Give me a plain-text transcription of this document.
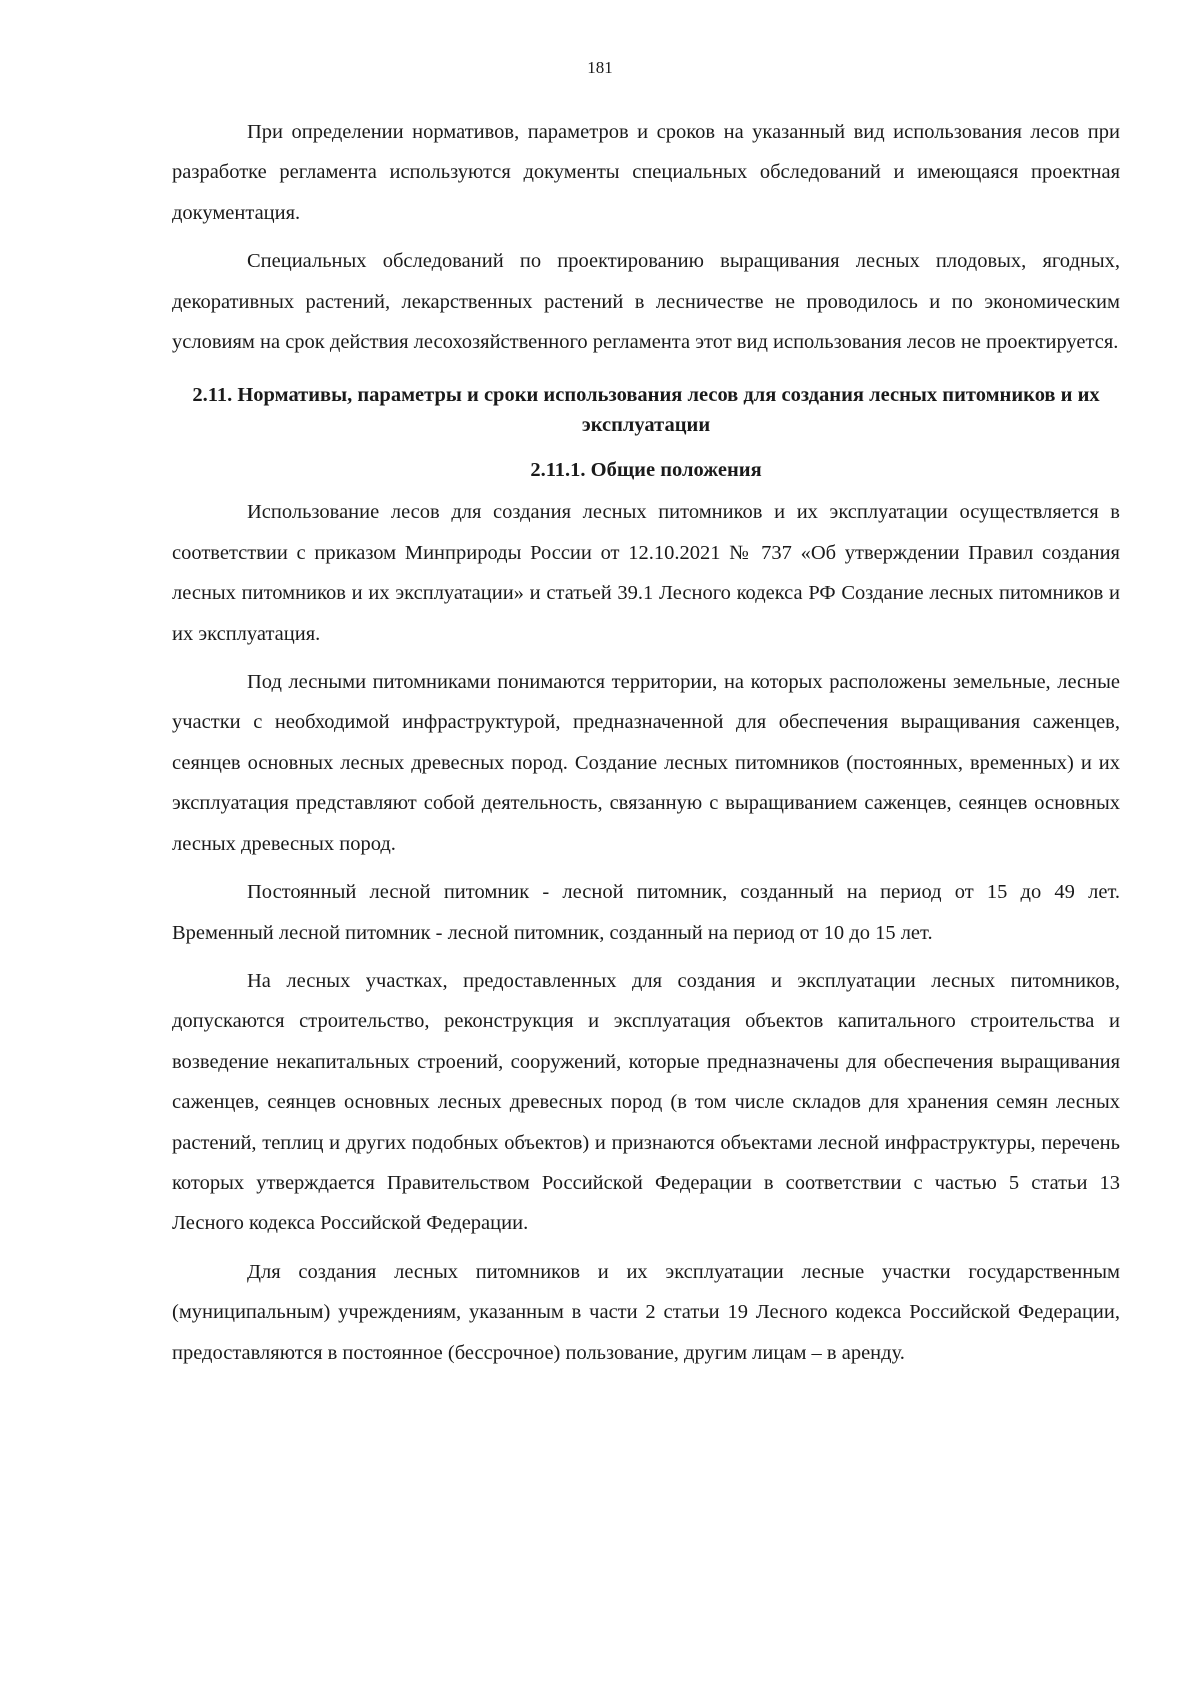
181

При определении нормативов, параметров и сроков на указанный вид использования лесов при разработке регламента используются документы специальных обследований и имеющаяся проектная документация.

Специальных обследований по проектированию выращивания лесных плодовых, ягодных, декоративных растений, лекарственных растений в лесничестве не проводилось и по экономическим условиям на срок действия лесохозяйственного регламента этот вид использования лесов не проектируется.

2.11. Нормативы, параметры и сроки использования лесов для создания лесных питомников и их эксплуатации
2.11.1. Общие положения

Использование лесов для создания лесных питомников и их эксплуатации осуществляется в соответствии с приказом Минприроды России от 12.10.2021 № 737 «Об утверждении Правил создания лесных питомников и их эксплуатации» и статьей 39.1 Лесного кодекса РФ Создание лесных питомников и их эксплуатация.

Под лесными питомниками понимаются территории, на которых расположены земельные, лесные участки с необходимой инфраструктурой, предназначенной для обеспечения выращивания саженцев, сеянцев основных лесных древесных пород. Создание лесных питомников (постоянных, временных) и их эксплуатация представляют собой деятельность, связанную с выращиванием саженцев, сеянцев основных лесных древесных пород.

Постоянный лесной питомник - лесной питомник, созданный на период от 15 до 49 лет. Временный лесной питомник - лесной питомник, созданный на период от 10 до 15 лет.

На лесных участках, предоставленных для создания и эксплуатации лесных питомников, допускаются строительство, реконструкция и эксплуатация объектов капитального строительства и возведение некапитальных строений, сооружений, которые предназначены для обеспечения выращивания саженцев, сеянцев основных лесных древесных пород (в том числе складов для хранения семян лесных растений, теплиц и других подобных объектов) и признаются объектами лесной инфраструктуры, перечень которых утверждается Правительством Российской Федерации в соответствии с частью 5 статьи 13 Лесного кодекса Российской Федерации.

Для создания лесных питомников и их эксплуатации лесные участки государственным (муниципальным) учреждениям, указанным в части 2 статьи 19 Лесного кодекса Российской Федерации, предоставляются в постоянное (бессрочное) пользование, другим лицам – в аренду.
